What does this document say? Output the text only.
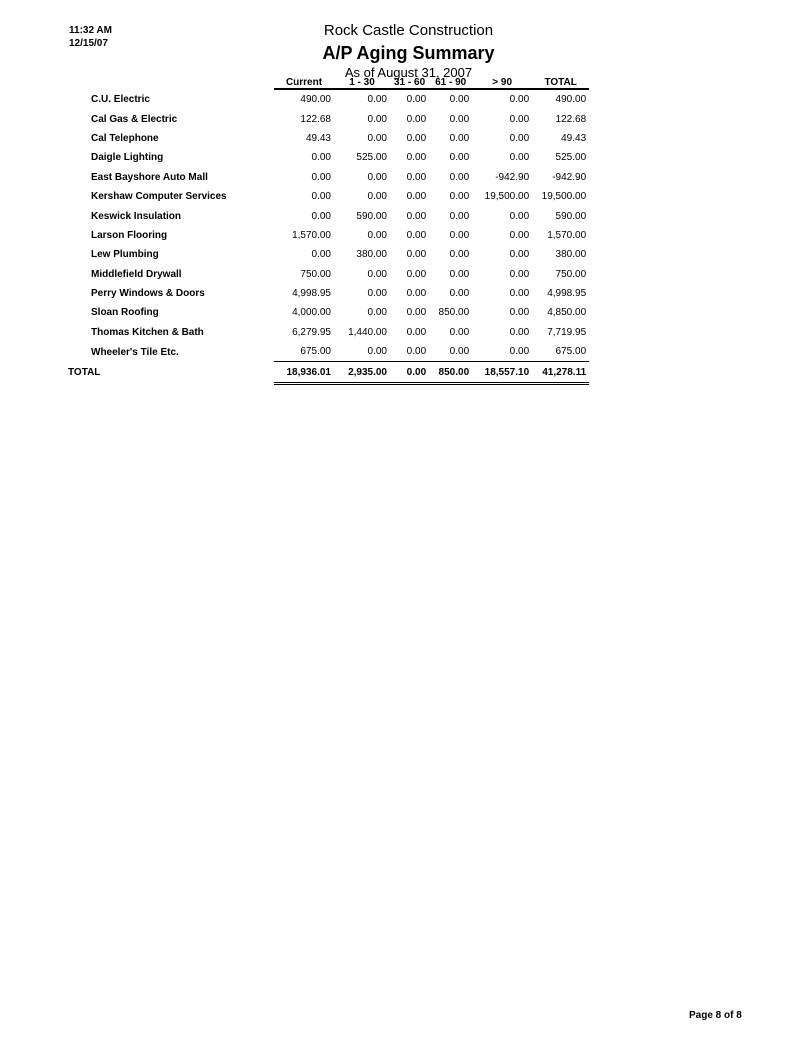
11:32 AM
12/15/07
Rock Castle Construction
A/P Aging Summary
As of August 31, 2007
	Current	1 - 30	31 - 60	61 - 90	> 90	TOTAL
C.U. Electric	490.00	0.00	0.00	0.00	0.00	490.00
Cal Gas & Electric	122.68	0.00	0.00	0.00	0.00	122.68
Cal Telephone	49.43	0.00	0.00	0.00	0.00	49.43
Daigle Lighting	0.00	525.00	0.00	0.00	0.00	525.00
East Bayshore Auto Mall	0.00	0.00	0.00	0.00	-942.90	-942.90
Kershaw Computer Services	0.00	0.00	0.00	0.00	19,500.00	19,500.00
Keswick Insulation	0.00	590.00	0.00	0.00	0.00	590.00
Larson Flooring	1,570.00	0.00	0.00	0.00	0.00	1,570.00
Lew Plumbing	0.00	380.00	0.00	0.00	0.00	380.00
Middlefield Drywall	750.00	0.00	0.00	0.00	0.00	750.00
Perry Windows & Doors	4,998.95	0.00	0.00	0.00	0.00	4,998.95
Sloan Roofing	4,000.00	0.00	0.00	850.00	0.00	4,850.00
Thomas Kitchen & Bath	6,279.95	1,440.00	0.00	0.00	0.00	7,719.95
Wheeler's Tile Etc.	675.00	0.00	0.00	0.00	0.00	675.00
TOTAL	18,936.01	2,935.00	0.00	850.00	18,557.10	41,278.11
Page 8 of 8
